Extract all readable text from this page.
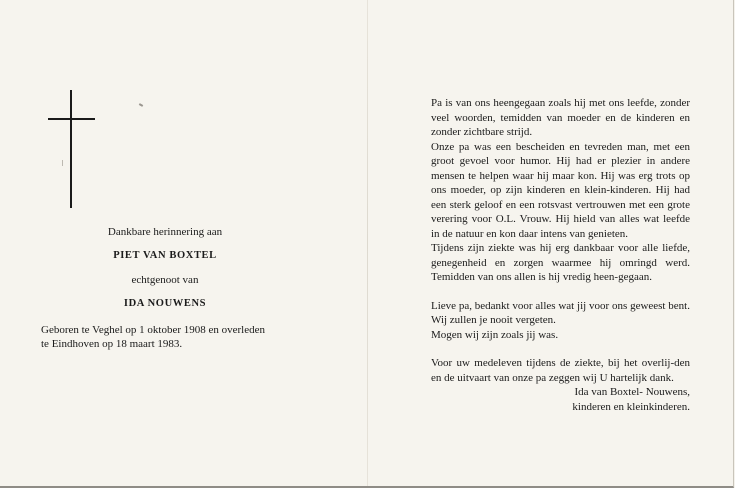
Dankbare herinnering aan
PIET VAN BOXTEL
echtgenoot van
IDA NOUWENS
Geboren te Veghel op 1 oktober 1908 en overleden
te Eindhoven op 18 maart 1983.

Pa is van ons heengegaan zoals hij met ons leefde, zonder veel woorden, temidden van moeder en de kinderen en zonder zichtbare strijd.

Onze pa was een bescheiden en tevreden man, met een groot gevoel voor humor. Hij had er plezier in andere mensen te helpen waar hij maar kon. Hij was erg trots op ons moeder, op zijn kinderen en klein-kinderen. Hij had een sterk geloof en een rotsvast vertrouwen met een grote verering voor O.L. Vrouw. Hij hield van alles wat leefde in de natuur en kon daar intens van genieten.

Tijdens zijn ziekte was hij erg dankbaar voor alle liefde, genegenheid en zorgen waarmee hij omringd werd. Temidden van ons allen is hij vredig heen-gegaan.

Lieve pa, bedankt voor alles wat jij voor ons geweest bent. Wij zullen je nooit vergeten.

Mogen wij zijn zoals jij was.

Voor uw medeleven tijdens de ziekte, bij het overlij-den en de uitvaart van onze pa zeggen wij U hartelijk dank.

Ida van Boxtel- Nouwens,

kinderen en kleinkinderen.
